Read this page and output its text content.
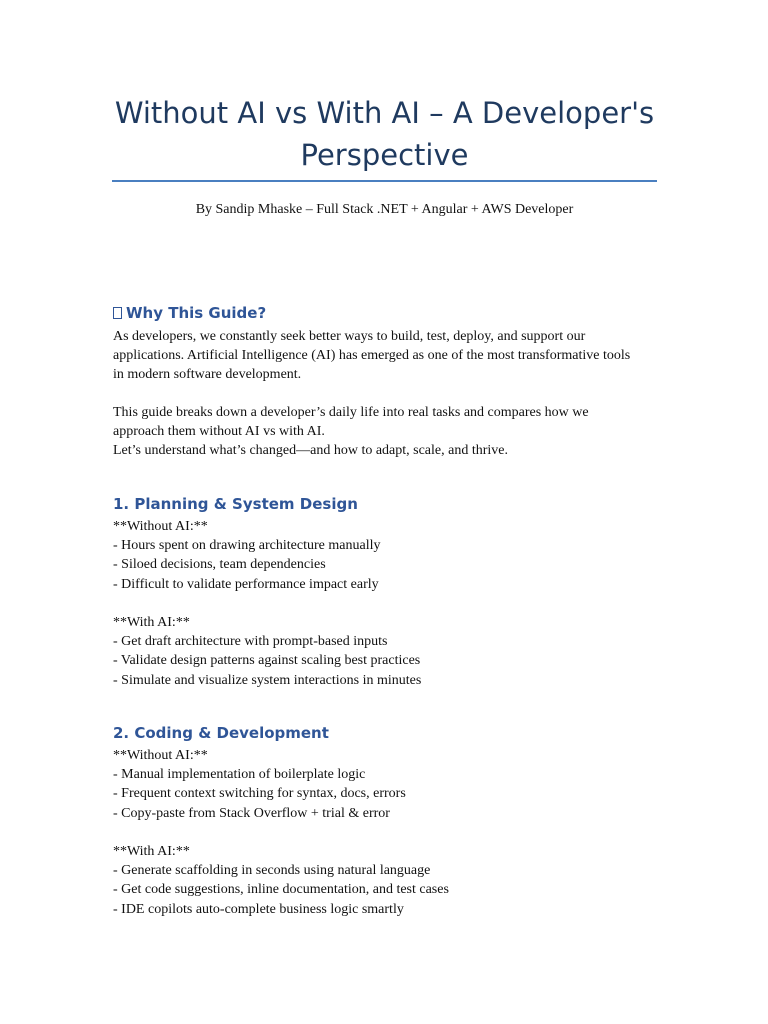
Without AI vs With AI – A Developer's Perspective
By Sandip Mhaske – Full Stack .NET + Angular + AWS Developer
Why This Guide?
As developers, we constantly seek better ways to build, test, deploy, and support our
applications. Artificial Intelligence (AI) has emerged as one of the most transformative tools
in modern software development.
This guide breaks down a developer’s daily life into real tasks and compares how we
approach them without AI vs with AI.
Let’s understand what’s changed—and how to adapt, scale, and thrive.
1. Planning & System Design
**Without AI:**
- Hours spent on drawing architecture manually
- Siloed decisions, team dependencies
- Difficult to validate performance impact early
**With AI:**
- Get draft architecture with prompt-based inputs
- Validate design patterns against scaling best practices
- Simulate and visualize system interactions in minutes
2. Coding & Development
**Without AI:**
- Manual implementation of boilerplate logic
- Frequent context switching for syntax, docs, errors
- Copy-paste from Stack Overflow + trial & error
**With AI:**
- Generate scaffolding in seconds using natural language
- Get code suggestions, inline documentation, and test cases
- IDE copilots auto-complete business logic smartly
